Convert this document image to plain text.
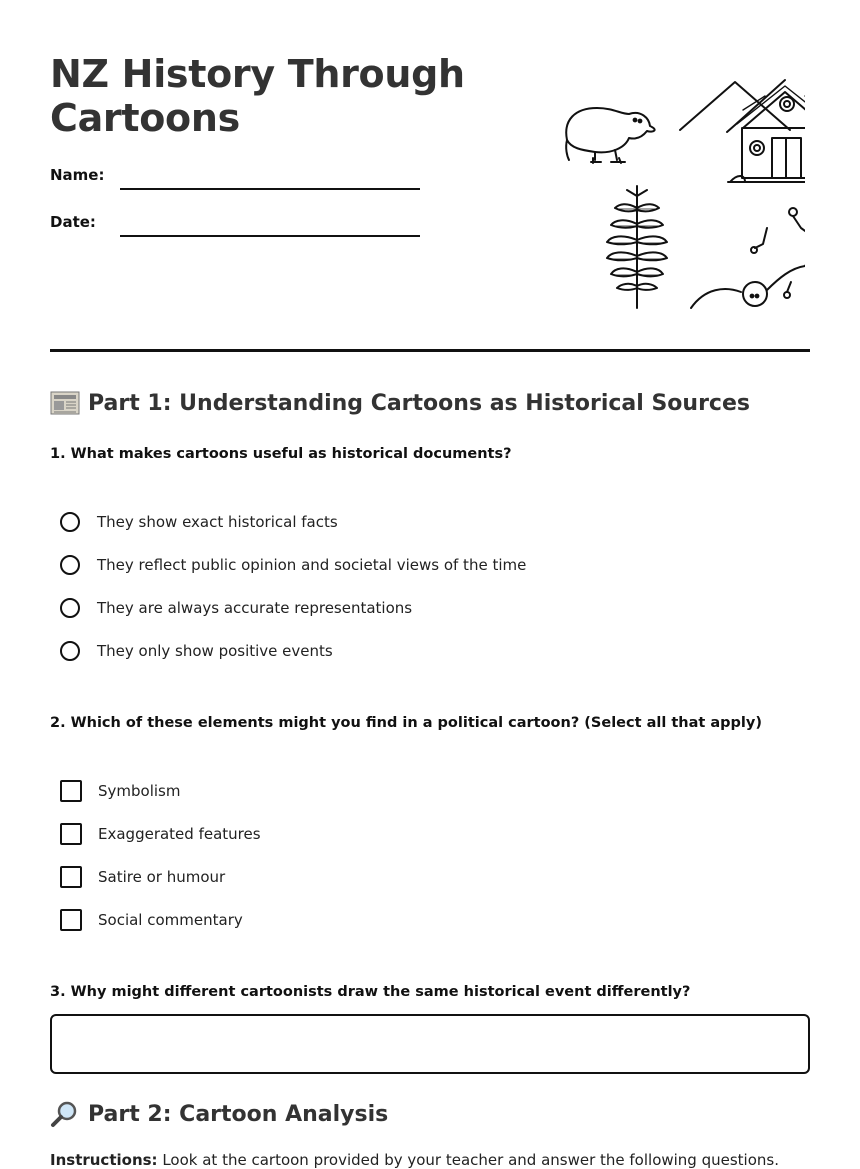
NZ History Through
Cartoons
Name:
Date:
Part 1: Understanding Cartoons as Historical Sources

1. What makes cartoons useful as historical documents?

They show exact historical facts
They reflect public opinion and societal views of the time
They are always accurate representations
They only show positive events

2. Which of these elements might you find in a political cartoon? (Select all that apply)

Symbolism
Exaggerated features
Satire or humour
Social commentary

3. Why might different cartoonists draw the same historical event differently?

Part 2: Cartoon Analysis

Instructions: Look at the cartoon provided by your teacher and answer the following questions.
